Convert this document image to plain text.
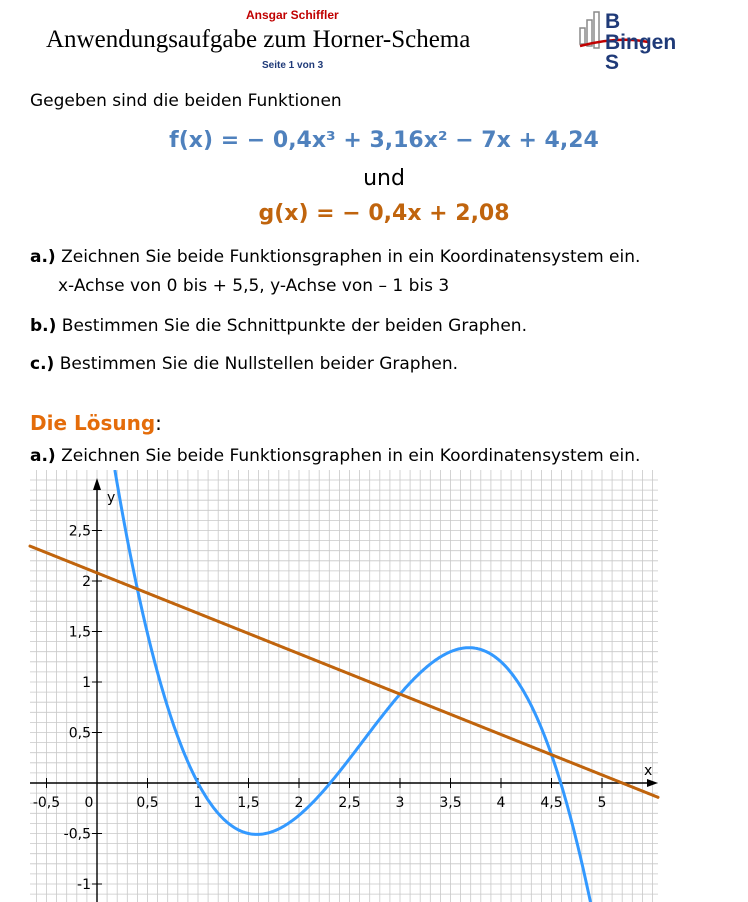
Ansgar Schiffler
Anwendungsaufgabe zum Horner-Schema
Seite 1 von 3
B
Bingen
S
Gegeben sind die beiden Funktionen
f(x) = − 0,4x³ + 3,16x² − 7x + 4,24
und
g(x) = − 0,4x + 2,08
a.) Zeichnen Sie beide Funktionsgraphen in ein Koordinatensystem ein.
x-Achse von 0 bis + 5,5, y-Achse von – 1 bis 3
b.) Bestimmen Sie die Schnittpunkte der beiden Graphen.
c.) Bestimmen Sie die Nullstellen beider Graphen.
Die Lösung:
a.) Zeichnen Sie beide Funktionsgraphen in ein Koordinatensystem ein.
x
y
-0,5 0	0,5 1 1,5 2 2,5 3 3,5 4 4,5 5
2,5
2
1,5
1
0,5
-0,5
-1
